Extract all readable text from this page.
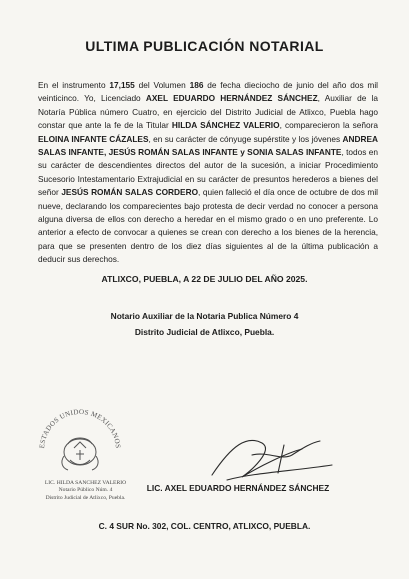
ULTIMA PUBLICACIÓN NOTARIAL
En el instrumento 17,155 del Volumen 186 de fecha dieciocho de junio del año dos mil veinticinco. Yo, Licenciado AXEL EDUARDO HERNÁNDEZ SÁNCHEZ, Auxiliar de la Notaría Pública número Cuatro, en ejercicio del Distrito Judicial de Atlixco, Puebla hago constar que ante la fe de la Titular HILDA SÁNCHEZ VALERIO, comparecieron la señora ELOINA INFANTE CÁZALES, en su carácter de cónyuge supérstite y los jóvenes ANDREA SALAS INFANTE, JESÚS ROMÁN SALAS INFANTE y SONIA SALAS INFANTE, todos en su carácter de descendientes directos del autor de la sucesión, a iniciar Procedimiento Sucesorio Intestamentario Extrajudicial en su carácter de presuntos herederos a bienes del señor JESÚS ROMÁN SALAS CORDERO, quien falleció el día once de octubre de dos mil nueve, declarando los comparecientes bajo protesta de decir verdad no conocer a persona alguna diversa de ellos con derecho a heredar en el mismo grado o en uno preferente. Lo anterior a efecto de convocar a quienes se crean con derecho a los bienes de la herencia, para que se presenten dentro de los diez días siguientes al de la última publicación a deducir sus derechos.
ATLIXCO, PUEBLA, A 22 DE JULIO DEL AÑO 2025.
Notario Auxiliar de la Notaria Publica Número 4
Distrito Judicial de Atlixco, Puebla.
ESTADOS UNIDOS MEXICANOS
LIC. HILDA SANCHEZ VALERIO
Notario Público Núm. 4
Distrito Judicial de Atlixco, Puebla.
LIC. AXEL EDUARDO HERNÁNDEZ SÁNCHEZ
C. 4 SUR No. 302, COL. CENTRO, ATLIXCO, PUEBLA.
